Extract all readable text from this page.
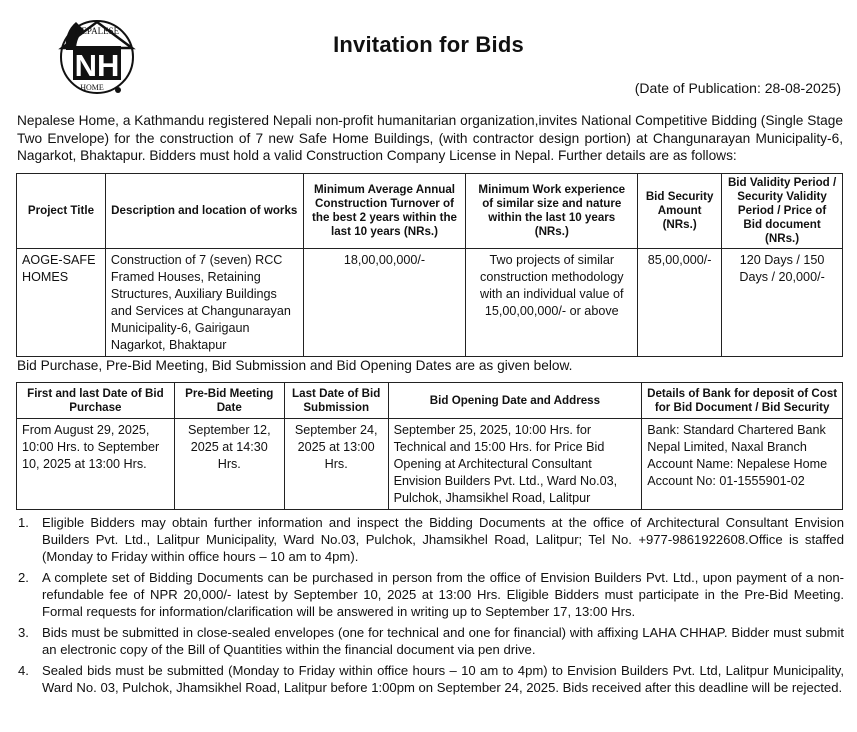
NEPALESE
NH
HOME
Invitation for Bids
(Date of Publication: 28-08-2025)
Nepalese Home, a Kathmandu registered Nepali non-profit humanitarian organization,invites National Competitive Bidding (Single Stage Two Envelope) for the construction of 7 new Safe Home Buildings, (with contractor design portion) at Changunarayan Municipality-6, Nagarkot, Bhaktapur. Bidders must hold a valid Construction Company License in Nepal. Further details are as follows:
Project Title	Description and location of works	Minimum Average Annual Construction Turnover of the best 2 years within the last 10 years (NRs.)	Minimum Work experience of similar size and nature within the last 10 years (NRs.)	Bid Security Amount (NRs.)	Bid Validity Period / Security Validity Period / Price of Bid document (NRs.)
AOGE-SAFE HOMES	Construction of 7 (seven) RCC Framed Houses, Retaining Structures, Auxiliary Buildings and Services at Changunarayan Municipality-6, Gairigaun Nagarkot, Bhaktapur	18,00,00,000/-	Two projects of similar construction methodology with an individual value of 15,00,00,000/- or above	85,00,000/-	120 Days / 150 Days / 20,000/-
Bid Purchase, Pre-Bid Meeting, Bid Submission and Bid Opening Dates are as given below.
First and last Date of Bid Purchase	Pre-Bid Meeting Date	Last Date of Bid Submission	Bid Opening Date and Address	Details of Bank for deposit of Cost for Bid Document / Bid Security
From August 29, 2025, 10:00 Hrs. to September 10, 2025 at 13:00 Hrs.	September 12, 2025 at 14:30 Hrs.	September 24, 2025 at 13:00 Hrs.	September 25, 2025, 10:00 Hrs. for Technical and 15:00 Hrs. for Price Bid Opening at Architectural Consultant Envision Builders Pvt. Ltd., Ward No.03, Pulchok, Jhamsikhel Road, Lalitpur	Bank: Standard Chartered Bank Nepal Limited, Naxal Branch Account Name: Nepalese Home Account No: 01-1555901-02
1. Eligible Bidders may obtain further information and inspect the Bidding Documents at the office of Architectural Consultant Envision Builders Pvt. Ltd., Lalitpur Municipality, Ward No.03, Pulchok, Jhamsikhel Road, Lalitpur; Tel No. +977-9861922608.Office is staffed (Monday to Friday within office hours – 10 am to 4pm).
2. A complete set of Bidding Documents can be purchased in person from the office of Envision Builders Pvt. Ltd., upon payment of a non-refundable fee of NPR 20,000/- latest by September 10, 2025 at 13:00 Hrs. Eligible Bidders must participate in the Pre-Bid Meeting. Formal requests for information/clarification will be answered in writing up to September 17, 13:00 Hrs.
3. Bids must be submitted in close-sealed envelopes (one for technical and one for financial) with affixing LAHA CHHAP. Bidder must submit an electronic copy of the Bill of Quantities within the financial document via pen drive.
4. Sealed bids must be submitted (Monday to Friday within office hours – 10 am to 4pm) to Envision Builders Pvt. Ltd, Lalitpur Municipality, Ward No. 03, Pulchok, Jhamsikhel Road, Lalitpur before 1:00pm on September 24, 2025. Bids received after this deadline will be rejected.
